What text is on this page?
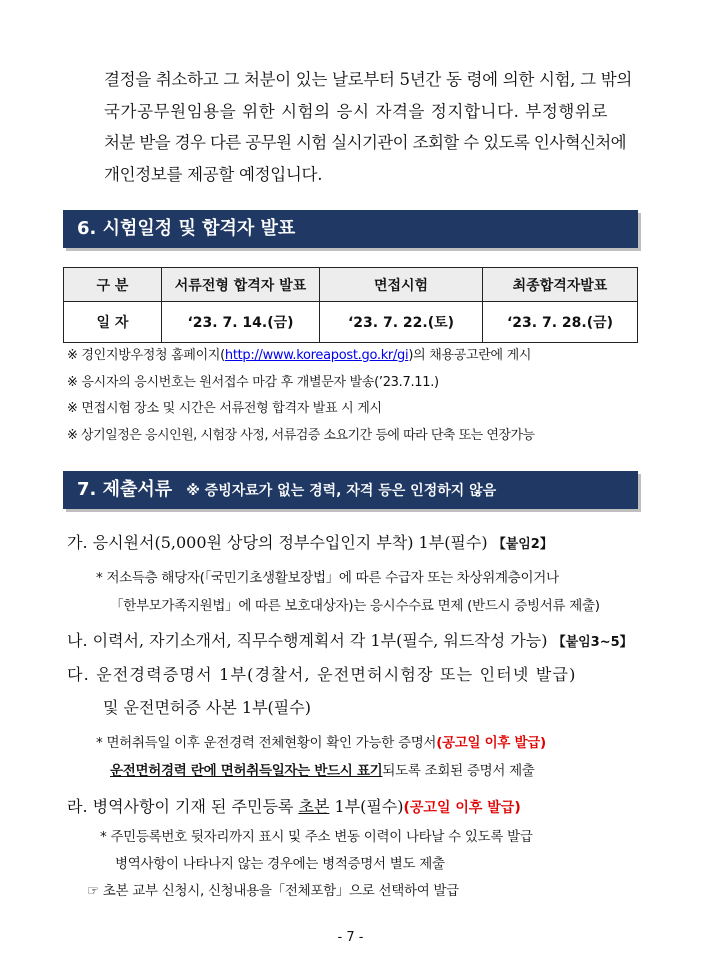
결정을 취소하고 그 처분이 있는 날로부터 5년간 동 령에 의한 시험, 그 밖의
국가공무원임용을 위한 시험의 응시 자격을 정지합니다. 부정행위로
처분 받을 경우 다른 공무원 시험 실시기관이 조회할 수 있도록 인사혁신처에
개인정보를 제공할 예정입니다.
6. 시험일정 및 합격자 발표
구 분	서류전형 합격자 발표	면접시험	최종합격자발표
일 자	‘23. 7. 14.(금)	‘23. 7. 22.(토)	‘23. 7. 28.(금)
※ 경인지방우정청 홈페이지(http://www.koreapost.go.kr/gi)의 채용공고란에 게시
※ 응시자의 응시번호는 원서접수 마감 후 개별문자 발송(’23.7.11.)
※ 면접시험 장소 및 시간은 서류전형 합격자 발표 시 게시
※ 상기일정은 응시인원, 시험장 사정, 서류검증 소요기간 등에 따라 단축 또는 연장가능
7. 제출서류 ※ 증빙자료가 없는 경력, 자격 등은 인정하지 않음
가. 응시원서(5,000원 상당의 정부수입인지 부착) 1부(필수) 【붙임2】
* 저소득층 해당자(「국민기초생활보장법」에 따른 수급자 또는 차상위계층이거나
「한부모가족지원법」에 따른 보호대상자)는 응시수수료 면제 (반드시 증빙서류 제출)
나. 이력서, 자기소개서, 직무수행계획서 각 1부(필수, 워드작성 가능) 【붙임3~5】
다. 운전경력증명서 1부(경찰서, 운전면허시험장 또는 인터넷 발급)
및 운전면허증 사본 1부(필수)
* 면허취득일 이후 운전경력 전체현황이 확인 가능한 증명서(공고일 이후 발급)
운전면허경력 란에 면허취득일자는 반드시 표기되도록 조회된 증명서 제출
라. 병역사항이 기재 된 주민등록 초본 1부(필수)(공고일 이후 발급)
* 주민등록번호 뒷자리까지 표시 및 주소 변동 이력이 나타날 수 있도록 발급
병역사항이 나타나지 않는 경우에는 병적증명서 별도 제출
☞ 초본 교부 신청시, 신청내용을「전체포함」으로 선택하여 발급
- 7 -
